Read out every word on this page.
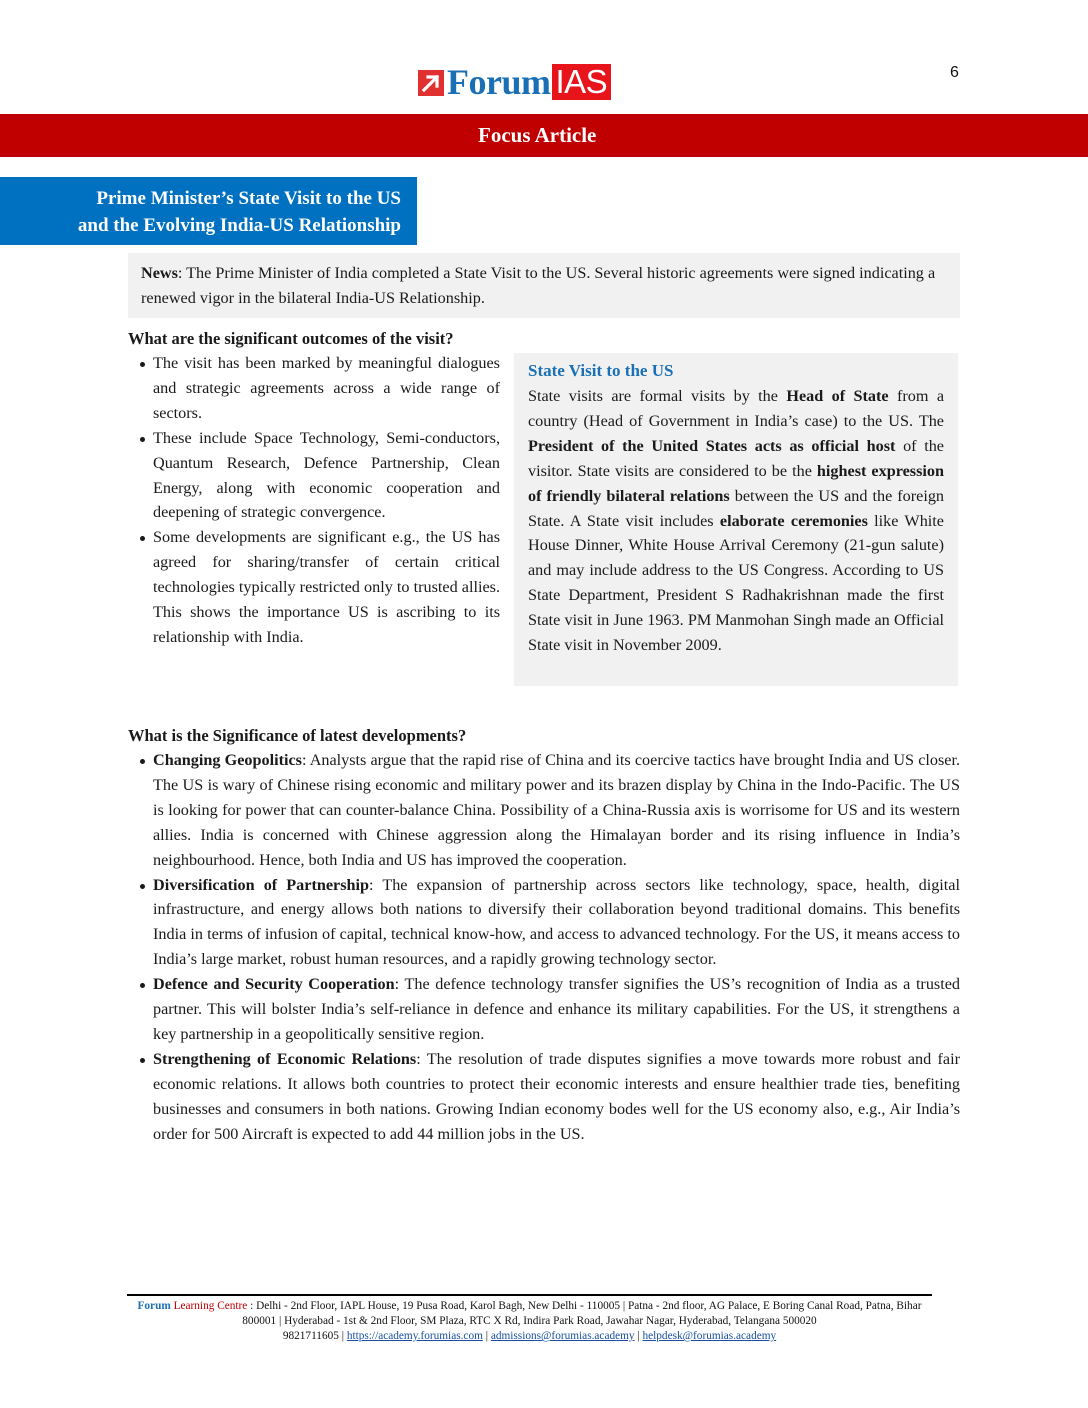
Forum IAS	6
Focus Article
Prime Minister’s State Visit to the US
and the Evolving India-US Relationship
News: The Prime Minister of India completed a State Visit to the US. Several historic agreements were signed indicating a renewed vigor in the bilateral India-US Relationship.
What are the significant outcomes of the visit?
The visit has been marked by meaningful dialogues and strategic agreements across a wide range of sectors.
These include Space Technology, Semi-conductors, Quantum Research, Defence Partnership, Clean Energy, along with economic cooperation and deepening of strategic convergence.
Some developments are significant e.g., the US has agreed for sharing/transfer of certain critical technologies typically restricted only to trusted allies. This shows the importance US is ascribing to its relationship with India.
State Visit to the US
State visits are formal visits by the Head of State from a country (Head of Government in India’s case) to the US. The President of the United States acts as official host of the visitor. State visits are considered to be the highest expression of friendly bilateral relations between the US and the foreign State. A State visit includes elaborate ceremonies like White House Dinner, White House Arrival Ceremony (21-gun salute) and may include address to the US Congress. According to US State Department, President S Radhakrishnan made the first State visit in June 1963. PM Manmohan Singh made an Official State visit in November 2009.
What is the Significance of latest developments?
Changing Geopolitics: Analysts argue that the rapid rise of China and its coercive tactics have brought India and US closer. The US is wary of Chinese rising economic and military power and its brazen display by China in the Indo-Pacific. The US is looking for power that can counter-balance China. Possibility of a China-Russia axis is worrisome for US and its western allies. India is concerned with Chinese aggression along the Himalayan border and its rising influence in India’s neighbourhood. Hence, both India and US has improved the cooperation.
Diversification of Partnership: The expansion of partnership across sectors like technology, space, health, digital infrastructure, and energy allows both nations to diversify their collaboration beyond traditional domains. This benefits India in terms of infusion of capital, technical know-how, and access to advanced technology. For the US, it means access to India’s large market, robust human resources, and a rapidly growing technology sector.
Defence and Security Cooperation: The defence technology transfer signifies the US’s recognition of India as a trusted partner. This will bolster India’s self-reliance in defence and enhance its military capabilities. For the US, it strengthens a key partnership in a geopolitically sensitive region.
Strengthening of Economic Relations: The resolution of trade disputes signifies a move towards more robust and fair economic relations. It allows both countries to protect their economic interests and ensure healthier trade ties, benefiting businesses and consumers in both nations. Growing Indian economy bodes well for the US economy also, e.g., Air India’s order for 500 Aircraft is expected to add 44 million jobs in the US.
Forum Learning Centre : Delhi - 2nd Floor, IAPL House, 19 Pusa Road, Karol Bagh, New Delhi - 110005 | Patna - 2nd floor, AG Palace, E Boring Canal Road, Patna, Bihar 800001 | Hyderabad - 1st & 2nd Floor, SM Plaza, RTC X Rd, Indira Park Road, Jawahar Nagar, Hyderabad, Telangana 500020
9821711605 | https://academy.forumias.com | admissions@forumias.academy | helpdesk@forumias.academy
